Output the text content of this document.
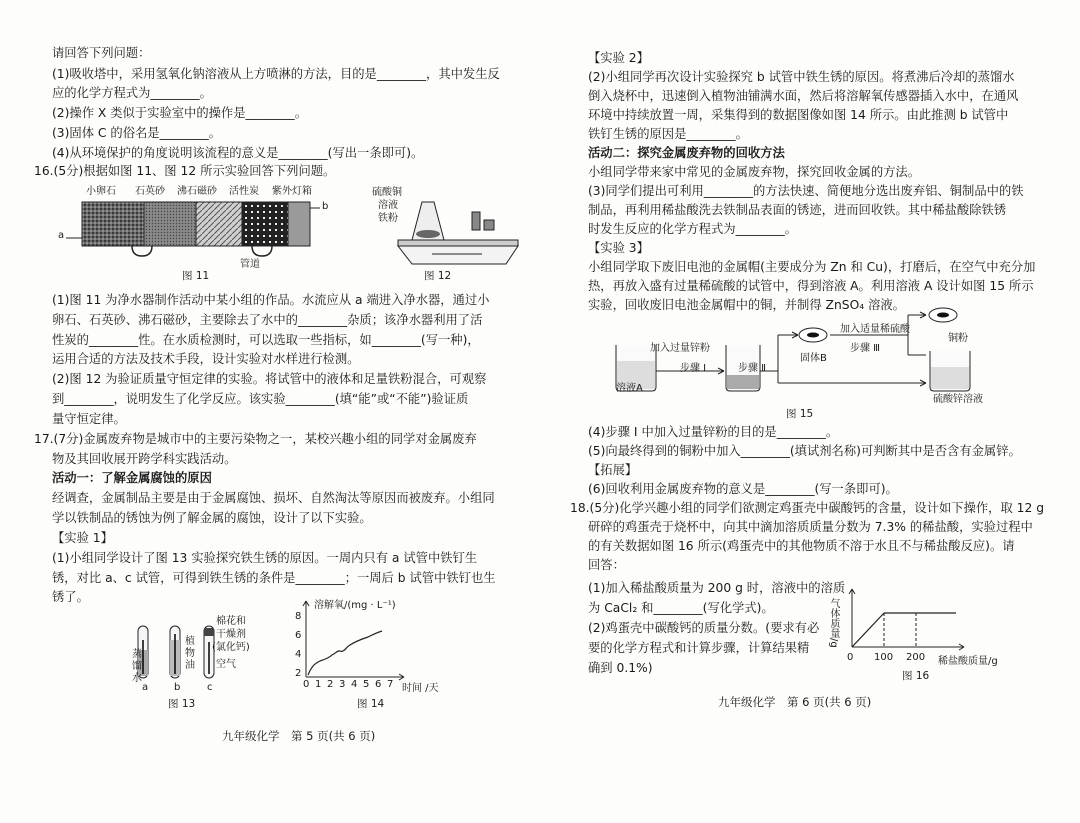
请回答下列问题：
(1)吸收塔中，采用氢氧化钠溶液从上方喷淋的方法，目的是________，其中发生反
应的化学方程式为________。
(2)操作 X 类似于实验室中的操作是________。
(3)固体 C 的俗名是________。
(4)从环境保护的角度说明该流程的意义是________(写出一条即可)。
16.(5分)根据如图 11、图 12 所示实验回答下列问题。
小卵石 石英砂 沸石磁砂 活性炭 紫外灯箱
a
b
管道
图 11
硫酸铜
溶液
铁粉
图 12
(1)图 11 为净水器制作活动中某小组的作品。水流应从 a 端进入净水器，通过小
卵石、石英砂、沸石磁砂，主要除去了水中的________杂质；该净水器利用了活
性炭的________性。在水质检测时，可以选取一些指标，如________(写一种)，
运用合适的方法及技术手段，设计实验对水样进行检测。
(2)图 12 为验证质量守恒定律的实验。将试管中的液体和足量铁粉混合，可观察
到________，说明发生了化学反应。该实验________(填“能”或“不能”)验证质
量守恒定律。
17.(7分)金属废弃物是城市中的主要污染物之一，某校兴趣小组的同学对金属废弃
物及其回收展开跨学科实践活动。
活动一：了解金属腐蚀的原因
经调查，金属制品主要是由于金属腐蚀、损坏、自然淘汰等原因而被废弃。小组同
学以铁制品的锈蚀为例了解金属的腐蚀，设计了以下实验。
【实验 1】
(1)小组同学设计了图 13 实验探究铁生锈的原因。一周内只有 a 试管中铁钉生
锈，对比 a、c 试管，可得到铁生锈的条件是________；一周后 b 试管中铁钉也生
锈了。
蒸
馏
水
植
物
油
棉花和
干燥剂
(氯化钙)
空气
a	b	c
图 13
溶解氧/(mg · L⁻¹)
2
4
6
8
0 1 2 3 4 5 6 7 时间 /天
图 14
九年级化学　第 5 页(共 6 页)
【实验 2】
(2)小组同学再次设计实验探究 b 试管中铁生锈的原因。将煮沸后冷却的蒸馏水
倒入烧杯中，迅速倒入植物油铺满水面，然后将溶解氧传感器插入水中，在通风
环境中持续放置一周，采集得到的数据图像如图 14 所示。由此推测 b 试管中
铁钉生锈的原因是________。
活动二：探究金属废弃物的回收方法
小组同学带来家中常见的金属废弃物，探究回收金属的方法。
(3)同学们提出可利用________的方法快速、简便地分选出废弃铝、铜制品中的铁
制品，再利用稀盐酸洗去铁制品表面的锈迹，进而回收铁。其中稀盐酸除铁锈
时发生反应的化学方程式为________。
【实验 3】
小组同学取下废旧电池的金属帽(主要成分为 Zn 和 Cu)，打磨后，在空气中充分加
热，再放入盛有过量稀硫酸的试管中，得到溶液 A。利用溶液 A 设计如图 15 所示
实验，回收废旧电池金属帽中的铜，并制得 ZnSO₄ 溶液。
加入过量锌粉
步骤 Ⅰ	步骤 Ⅱ
固体B
加入适量稀硫酸
步骤 Ⅲ
铜粉
硫酸锌溶液
溶液A
图 15
(4)步骤 Ⅰ 中加入过量锌粉的目的是________。
(5)向最终得到的铜粉中加入________(填试剂名称)可判断其中是否含有金属锌。
【拓展】
(6)回收利用金属废弃物的意义是________(写一条即可)。
18.(5分)化学兴趣小组的同学们欲测定鸡蛋壳中碳酸钙的含量，设计如下操作，取 12 g
研碎的鸡蛋壳于烧杯中，向其中滴加溶质质量分数为 7.3% 的稀盐酸，实验过程中
的有关数据如图 16 所示(鸡蛋壳中的其他物质不溶于水且不与稀盐酸反应)。请
回答：
(1)加入稀盐酸质量为 200 g 时，溶液中的溶质
为 CaCl₂ 和________(写化学式)。
(2)鸡蛋壳中碳酸钙的质量分数。(要求有必
要的化学方程式和计算步骤，计算结果精
确到 0.1%)
气体质量/g
0 100 200 稀盐酸质量/g
图 16
九年级化学　第 6 页(共 6 页)
